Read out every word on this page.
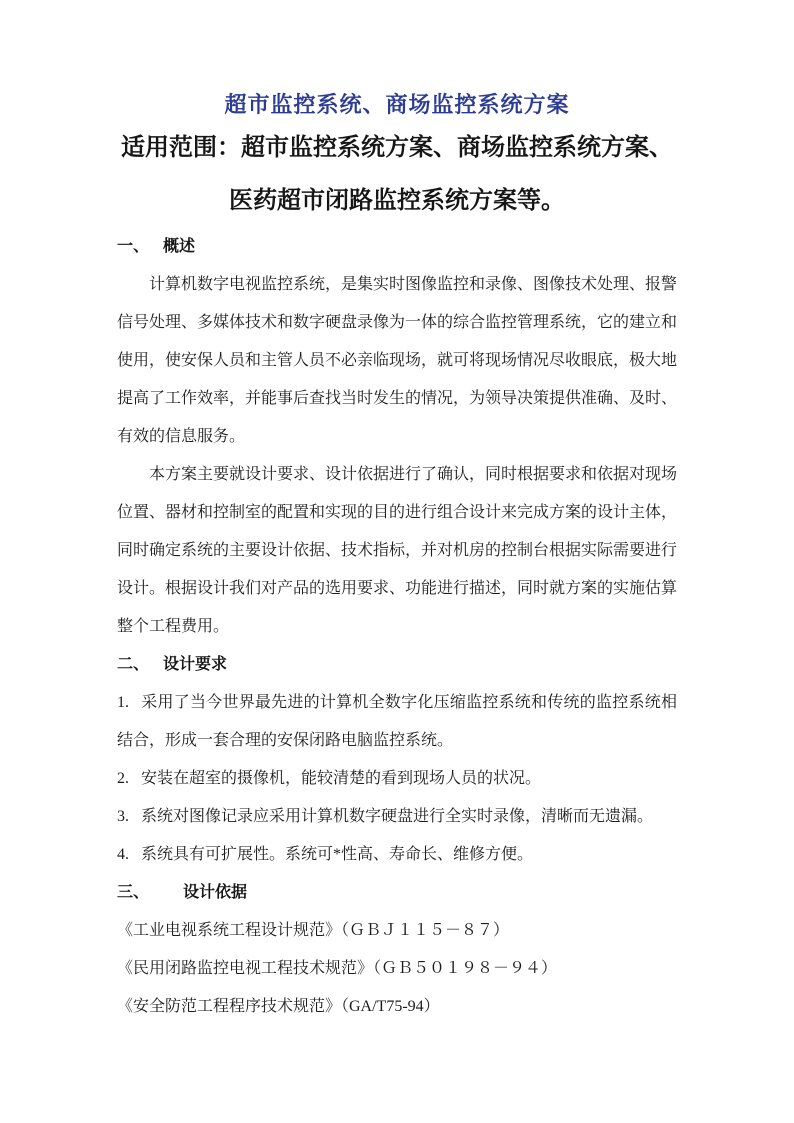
超市监控系统、商场监控系统方案
适用范围：超市监控系统方案、商场监控系统方案、
医药超市闭路监控系统方案等。
一、 概述

计算机数字电视监控系统，是集实时图像监控和录像、图像技术处理、报警信号处理、多媒体技术和数字硬盘录像为一体的综合监控管理系统，它的建立和使用，使安保人员和主管人员不必亲临现场，就可将现场情况尽收眼底，极大地提高了工作效率，并能事后查找当时发生的情况，为领导决策提供准确、及时、有效的信息服务。

本方案主要就设计要求、设计依据进行了确认，同时根据要求和依据对现场位置、器材和控制室的配置和实现的目的进行组合设计来完成方案的设计主体，同时确定系统的主要设计依据、技术指标，并对机房的控制台根据实际需要进行设计。根据设计我们对产品的选用要求、功能进行描述，同时就方案的实施估算整个工程费用。

二、 设计要求
1. 采用了当今世界最先进的计算机全数字化压缩监控系统和传统的监控系统相结合，形成一套合理的安保闭路电脑监控系统。
2. 安装在超室的摄像机，能较清楚的看到现场人员的状况。
3. 系统对图像记录应采用计算机数字硬盘进行全实时录像，清晰而无遗漏。
4. 系统具有可扩展性。系统可*性高、寿命长、维修方便。
三、 设计依据
《工业电视系统工程设计规范》（ＧＢＪ１１５－８７）
《民用闭路监控电视工程技术规范》（ＧＢ５０１９８－９４）
《安全防范工程程序技术规范》（GA/T75-94）
